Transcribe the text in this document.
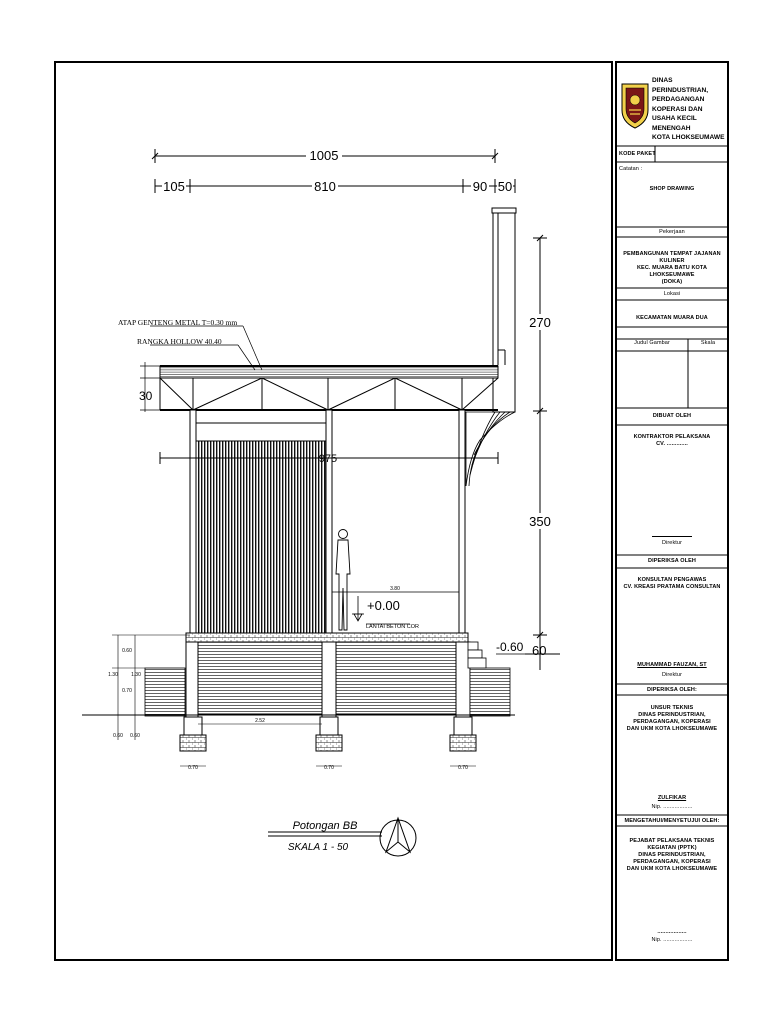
1005
105	810	90 50
270
350
60
975
3.80
+0.00
LANTAI BETON COR
-0.60
0.70	0.70	0.70
2.52
0.60
1.30
0.70
1.30
0.60 0.60
ATAP GENTENG METAL T=0.30 mm
RANGKA HOLLOW 40.40
30
Potongan BB
SKALA 1 - 50
DINAS PERINDUSTRIAN,
PERDAGANGAN KOPERASI DAN
USAHA KECIL MENENGAH
KOTA LHOKSEUMAWE
KODE PAKET
Catatan :
SHOP DRAWING
Pekerjaan
PEMBANGUNAN TEMPAT JAJANAN KULINER
KEC. MUARA BATU KOTA LHOKSEUMAWE
(DOKA)
Lokasi
KECAMATAN MUARA DUA
Judul Gambar	Skala
DIBUAT OLEH
KONTRAKTOR PELAKSANA
CV. .............
Direktur
DIPERIKSA OLEH
KONSULTAN PENGAWAS
CV. KREASI PRATAMA CONSULTAN
MUHAMMAD FAUZAN, ST
Direktur
DIPERIKSA OLEH:
UNSUR TEKNIS
DINAS PERINDUSTRIAN, PERDAGANGAN, KOPERASI
DAN UKM KOTA LHOKSEUMAWE
ZULFIKAR
Nip. ..................
MENGETAHUI/MENYETUJUI OLEH:
PEJABAT PELAKSANA TEKNIS KEGIATAN (PPTK)
DINAS PERINDUSTRIAN, PERDAGANGAN, KOPERASI
DAN UKM KOTA LHOKSEUMAWE
..................
Nip. ..................
